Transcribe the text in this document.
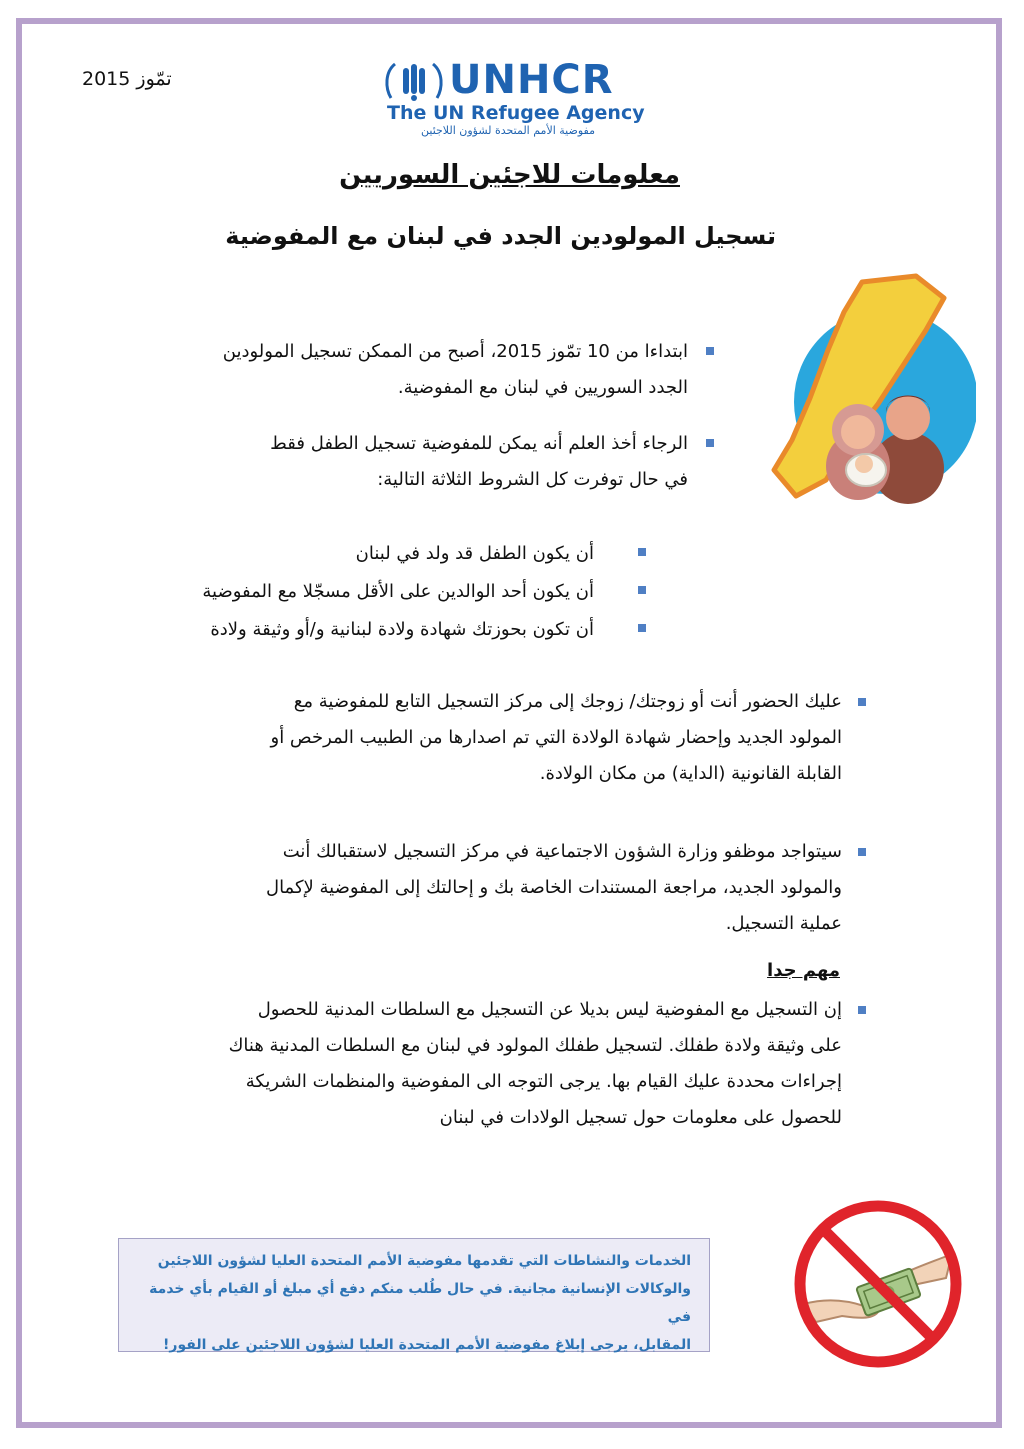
تمّوز 2015	UNHCR
The UN Refugee Agency
مفوضية الأمم المتحدة لشؤون اللاجئين
معلومات للاجئين السوريين
تسجيل المولودين الجدد في لبنان مع المفوضية
ابتداءا من 10 تمّوز 2015، أصبح من الممكن تسجيل المولودين
الجدد السوريين في لبنان مع المفوضية.
الرجاء أخذ العلم أنه يمكن للمفوضية تسجيل الطفل فقط
في حال توفرت كل الشروط الثلاثة التالية:
أن يكون الطفل قد ولد في لبنان
أن يكون أحد الوالدين على الأقل مسجّلا مع المفوضية
أن تكون بحوزتك شهادة ولادة لبنانية و/أو وثيقة ولادة
عليك الحضور أنت أو زوجتك/ زوجك إلى مركز التسجيل التابع للمفوضية مع
المولود الجديد وإحضار شهادة الولادة التي تم اصدارها من الطبيب المرخص أو
القابلة القانونية (الداية) من مكان الولادة.
سيتواجد موظفو وزارة الشؤون الاجتماعية في مركز التسجيل لاستقبالك أنت
والمولود الجديد، مراجعة المستندات الخاصة بك و إحالتك إلى المفوضية لإكمال
عملية التسجيل.
مهم جدا
إن التسجيل مع المفوضية ليس بديلا عن التسجيل مع السلطات المدنية للحصول
على وثيقة ولادة طفلك. لتسجيل طفلك المولود في لبنان مع السلطات المدنية هناك
إجراءات محددة عليك القيام بها. يرجى التوجه الى المفوضية والمنظمات الشريكة
للحصول على معلومات حول تسجيل الولادات في لبنان
الخدمات والنشاطات التي تقدمها مفوضية الأمم المتحدة العليا لشؤون اللاجئين
والوكالات الإنسانية مجانية. في حال طُلب منكم دفع أي مبلغ أو القيام بأي خدمة في
المقابل، يرجى إبلاغ مفوضية الأمم المتحدة العليا لشؤون اللاجئين على الفور!
